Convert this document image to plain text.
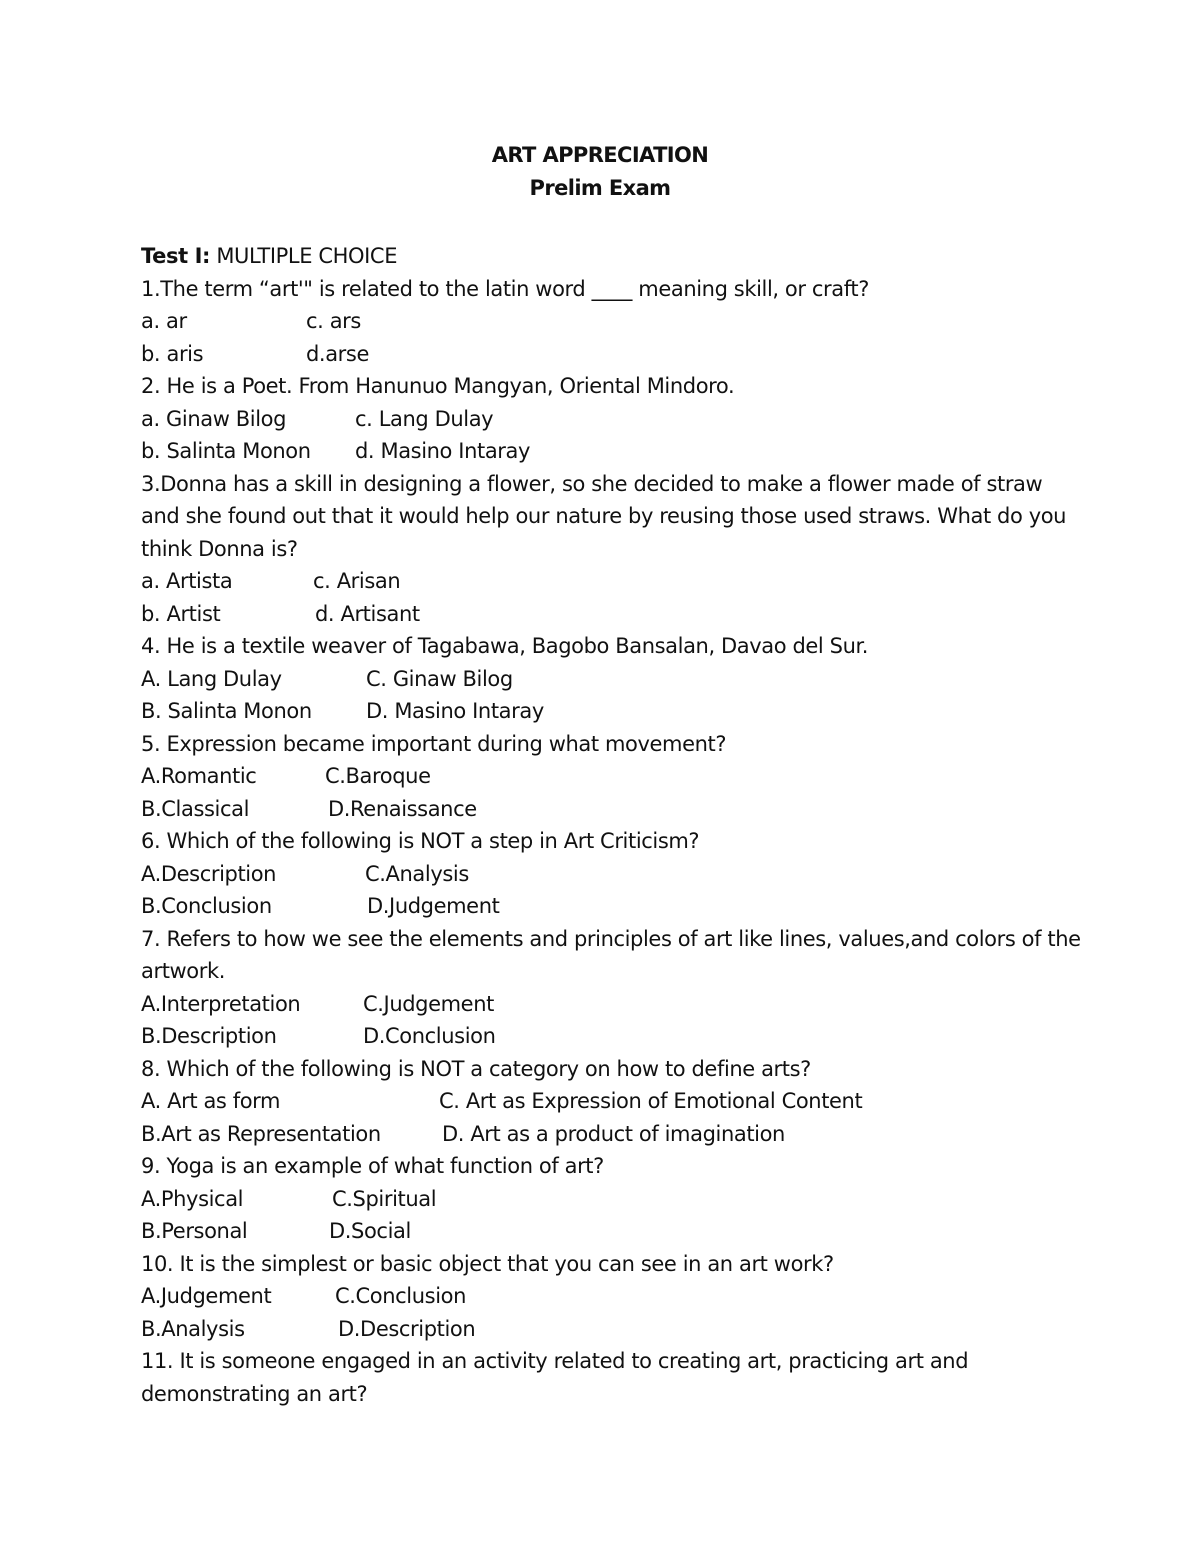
ART APPRECIATION
Prelim Exam
Test I: MULTIPLE CHOICE
1.The term “art'" is related to the latin word ____ meaning skill, or craft?
a. ar	c. ars
b. aris	d.arse
2. He is a Poet. From Hanunuo Mangyan, Oriental Mindoro.
a. Ginaw Bilog	c. Lang Dulay
b. Salinta Monon d. Masino Intaray
3.Donna has a skill in designing a flower, so she decided to make a flower made of straw and she found out that it would help our nature by reusing those used straws. What do you think Donna is?
a. Artista	c. Arisan
b. Artist	d. Artisant
4. He is a textile weaver of Tagabawa, Bagobo Bansalan, Davao del Sur.
A. Lang Dulay	C. Ginaw Bilog
B. Salinta Monon	D. Masino Intaray
5. Expression became important during what movement?
A.Romantic	C.Baroque
B.Classical	D.Renaissance
6. Which of the following is NOT a step in Art Criticism?
A.Description	C.Analysis
B.Conclusion	D.Judgement
7. Refers to how we see the elements and principles of art like lines, values,and colors of the artwork.
A.Interpretation	C.Judgement
B.Description	D.Conclusion
8. Which of the following is NOT a category on how to define arts?
A. Art as form	C. Art as Expression of Emotional Content
B.Art as Representation	D. Art as a product of imagination
9. Yoga is an example of what function of art?
A.Physical	C.Spiritual
B.Personal	D.Social
10. It is the simplest or basic object that you can see in an art work?
A.Judgement	C.Conclusion
B.Analysis	D.Description
11. It is someone engaged in an activity related to creating art, practicing art and demonstrating an art?
